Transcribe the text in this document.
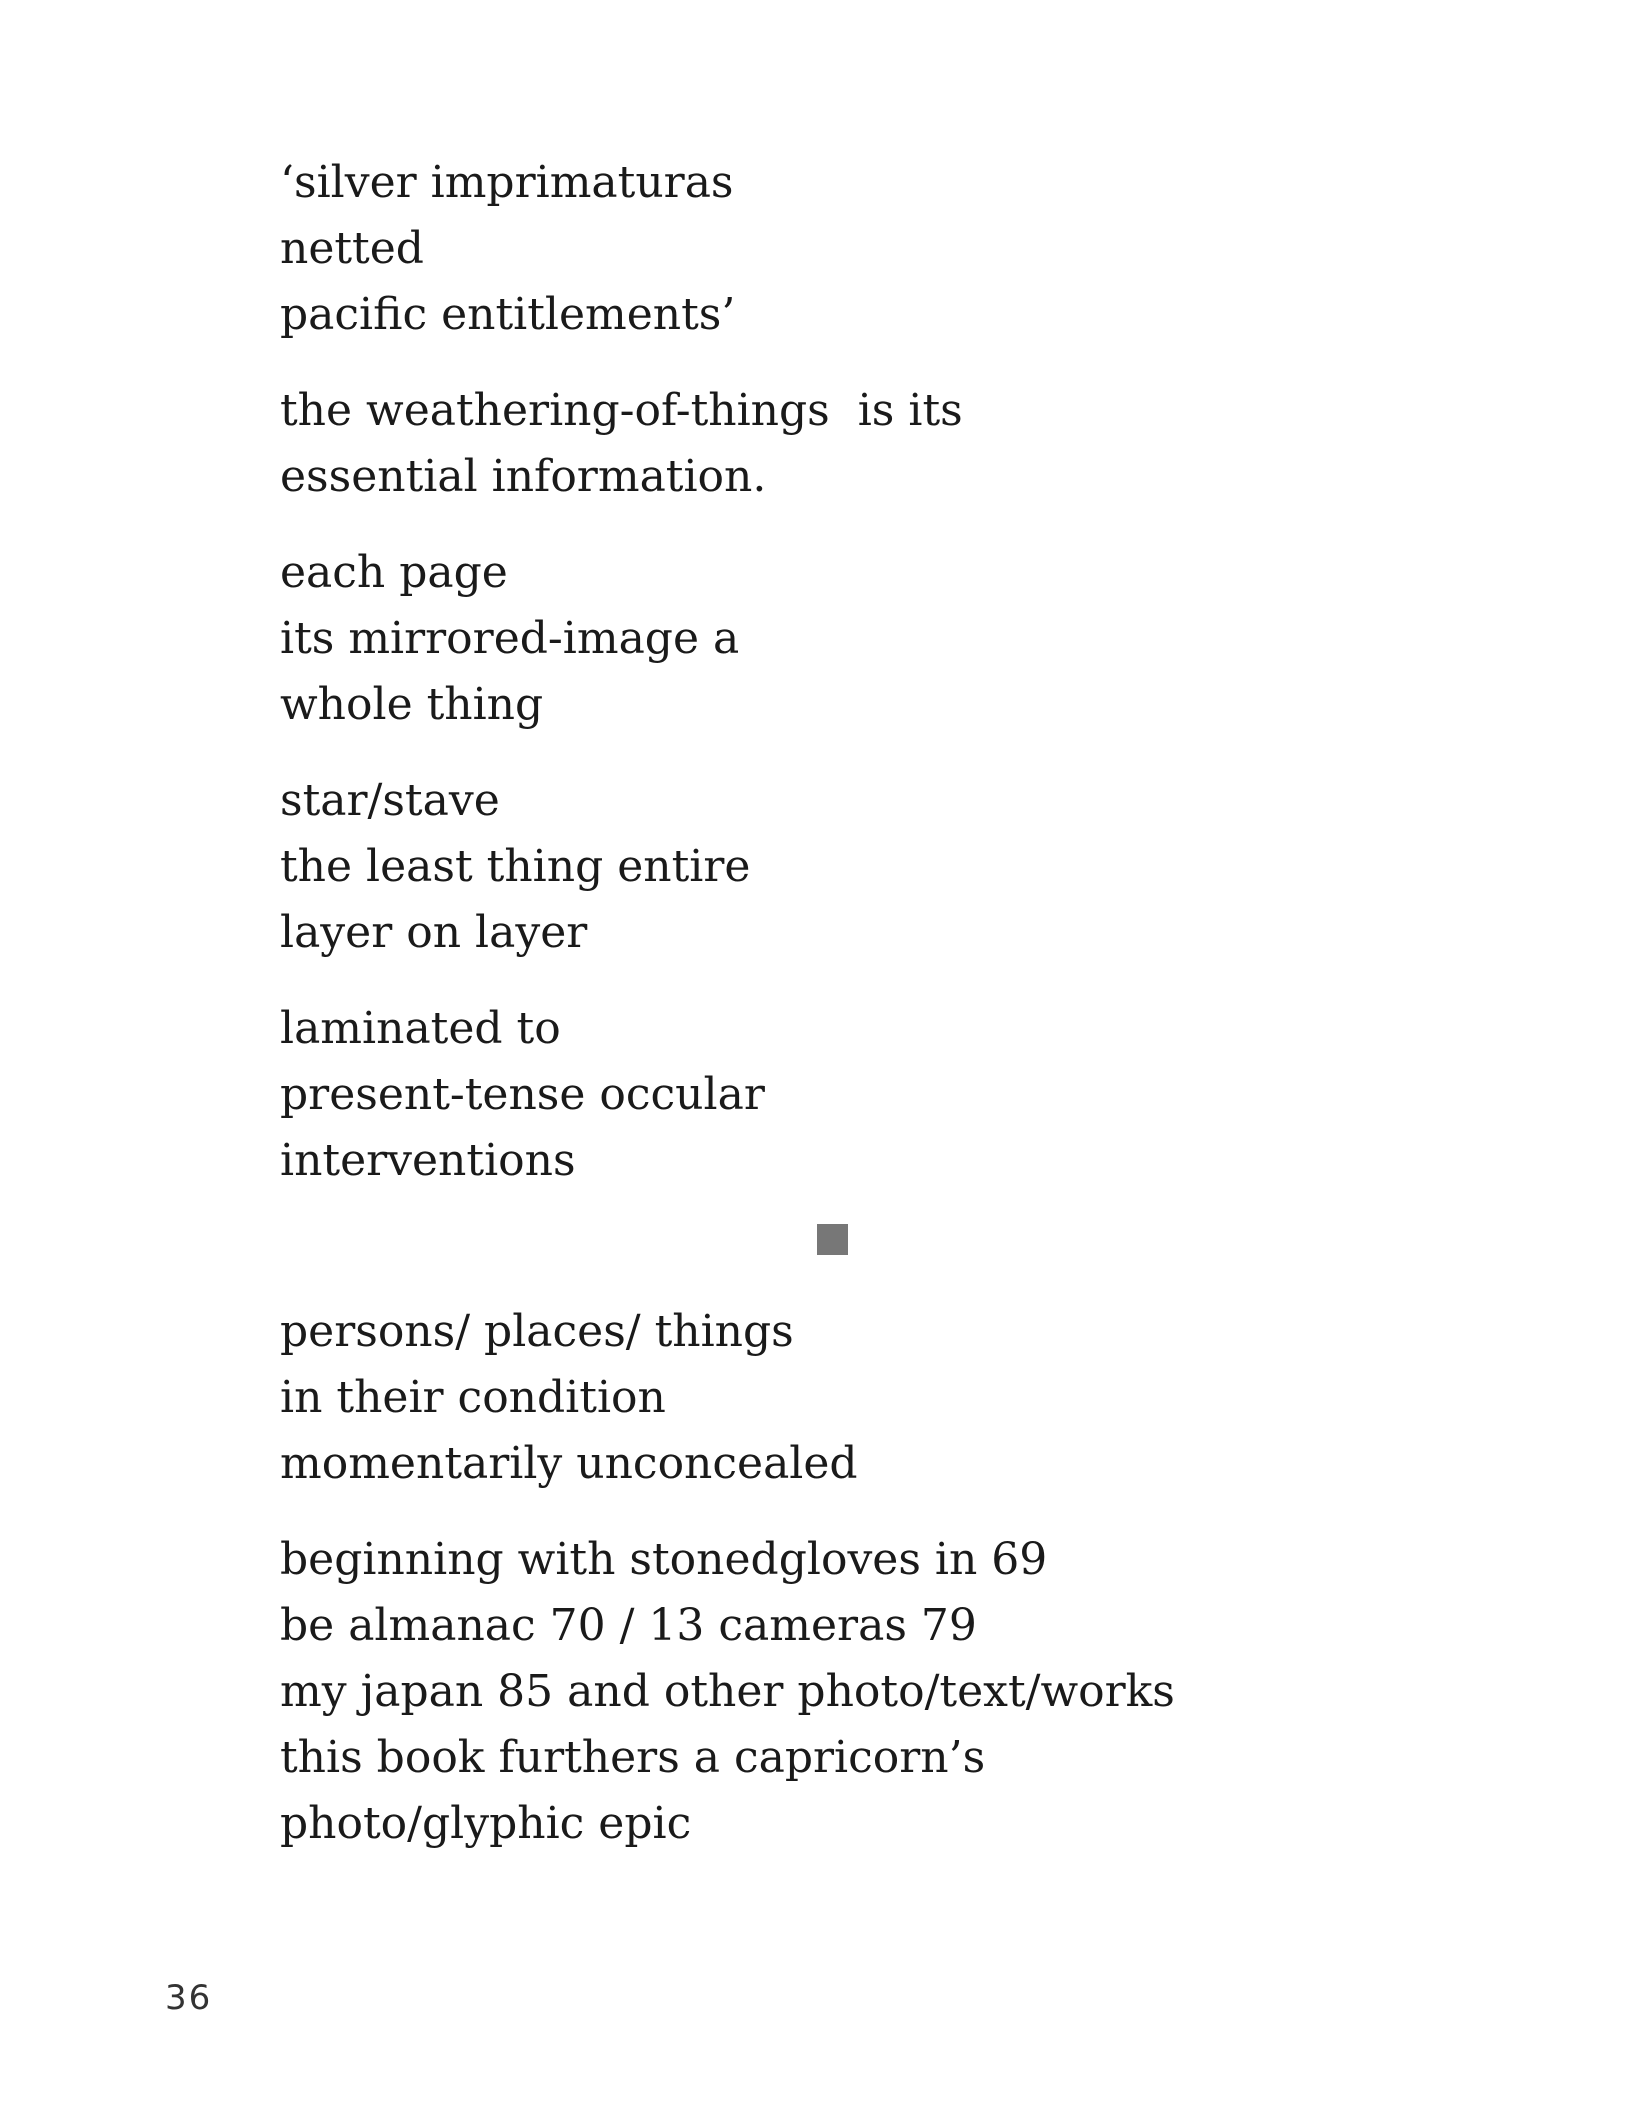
‘silver imprimaturas
netted
pacific entitlements’
the weathering-of-things  is its
essential information.
each page
its mirrored-image a
whole thing
star/stave
the least thing entire
layer on layer
laminated to
present-tense occular
interventions
persons/ places/ things
in their condition
momentarily unconcealed
beginning with stonedgloves in 69
be almanac 70 / 13 cameras 79
my japan 85 and other photo/text/works
this book furthers a capricorn’s
photo/glyphic epic
36
